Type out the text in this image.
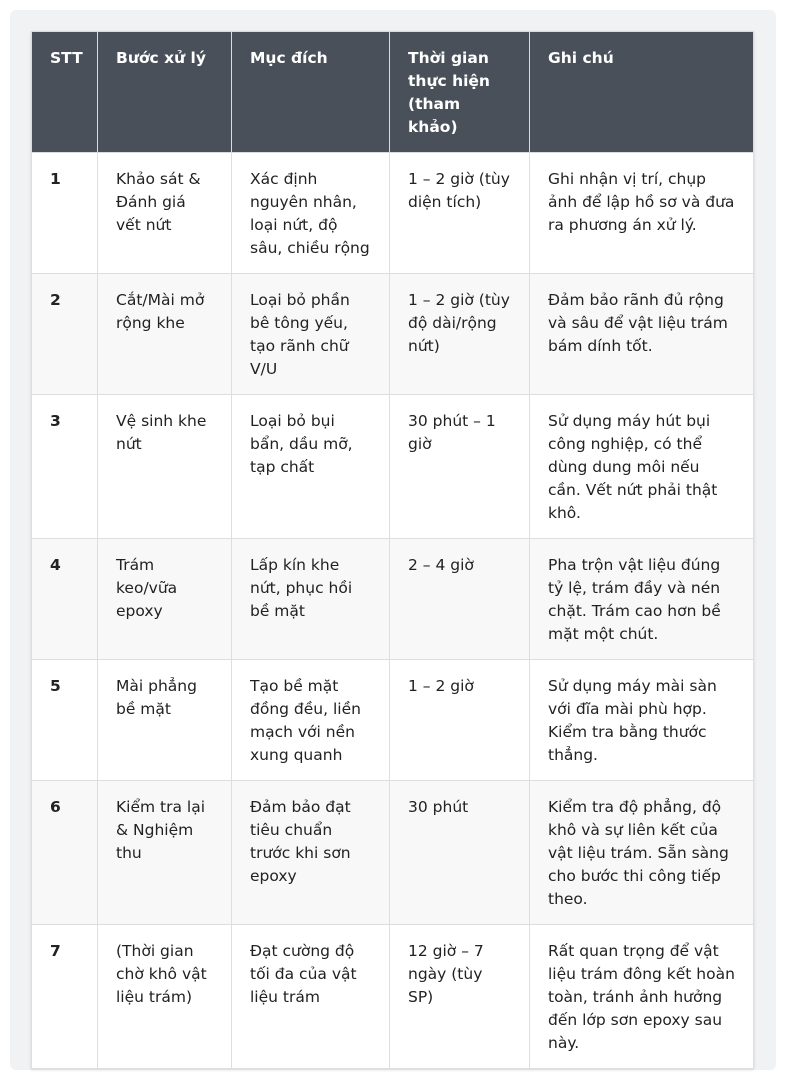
STT	Bước xử lý	Mục đích	Thời gian thực hiện (tham khảo)	Ghi chú
1	Khảo sát & Đánh giá vết nứt	Xác định nguyên nhân, loại nứt, độ sâu, chiều rộng	1 – 2 giờ (tùy diện tích)	Ghi nhận vị trí, chụp ảnh để lập hồ sơ và đưa ra phương án xử lý.
2	Cắt/Mài mở rộng khe	Loại bỏ phần bê tông yếu, tạo rãnh chữ V/U	1 – 2 giờ (tùy độ dài/rộng nứt)	Đảm bảo rãnh đủ rộng và sâu để vật liệu trám bám dính tốt.
3	Vệ sinh khe nứt	Loại bỏ bụi bẩn, dầu mỡ, tạp chất	30 phút – 1 giờ	Sử dụng máy hút bụi công nghiệp, có thể dùng dung môi nếu cần. Vết nứt phải thật khô.
4	Trám keo/vữa epoxy	Lấp kín khe nứt, phục hồi bề mặt	2 – 4 giờ	Pha trộn vật liệu đúng tỷ lệ, trám đầy và nén chặt. Trám cao hơn bề mặt một chút.
5	Mài phẳng bề mặt	Tạo bề mặt đồng đều, liền mạch với nền xung quanh	1 – 2 giờ	Sử dụng máy mài sàn với đĩa mài phù hợp. Kiểm tra bằng thước thẳng.
6	Kiểm tra lại & Nghiệm thu	Đảm bảo đạt tiêu chuẩn trước khi sơn epoxy	30 phút	Kiểm tra độ phẳng, độ khô và sự liên kết của vật liệu trám. Sẵn sàng cho bước thi công tiếp theo.
7	(Thời gian chờ khô vật liệu trám)	Đạt cường độ tối đa của vật liệu trám	12 giờ – 7 ngày (tùy SP)	Rất quan trọng để vật liệu trám đông kết hoàn toàn, tránh ảnh hưởng đến lớp sơn epoxy sau này.
